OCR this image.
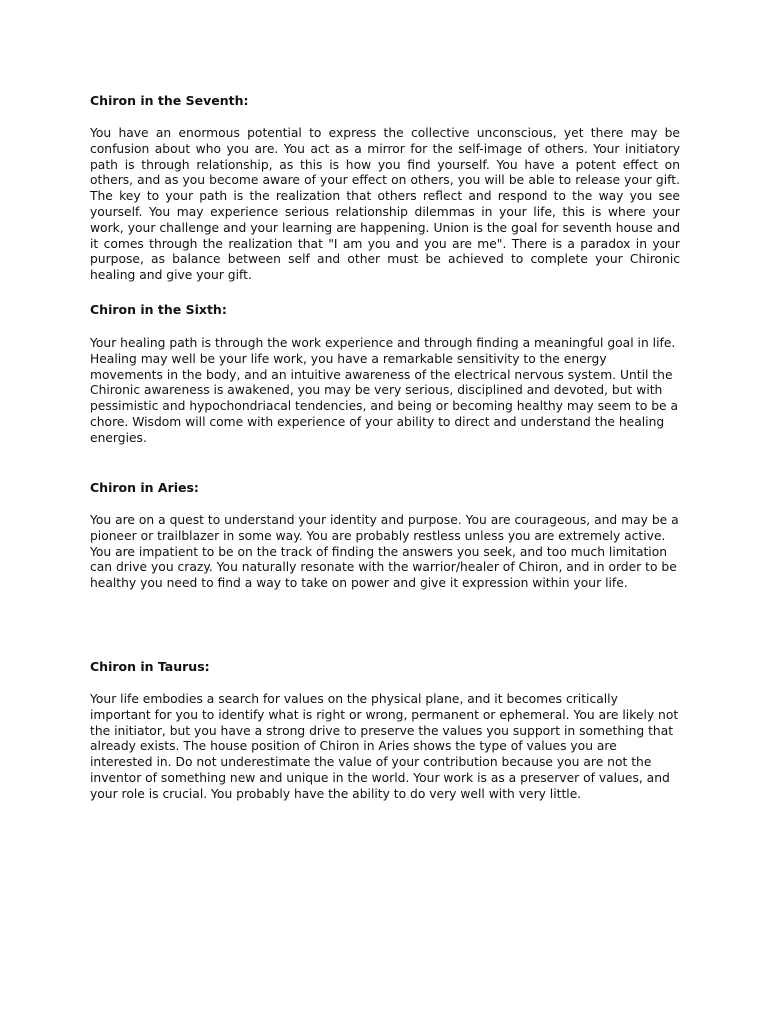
Chiron in the Seventh:

You have an enormous potential to express the collective unconscious, yet there may be confusion about who you are. You act as a mirror for the self-image of others. Your initiatory path is through relationship, as this is how you find yourself. You have a potent effect on others, and as you become aware of your effect on others, you will be able to release your gift. The key to your path is the realization that others reflect and respond to the way you see yourself. You may experience serious relationship dilemmas in your life, this is where your work, your challenge and your learning are happening. Union is the goal for seventh house and it comes through the realization that "I am you and you are me". There is a paradox in your purpose, as balance between self and other must be achieved to complete your Chironic healing and give your gift.

Chiron in the Sixth:

Your healing path is through the work experience and through finding a meaningful goal in life. Healing may well be your life work, you have a remarkable sensitivity to the energy movements in the body, and an intuitive awareness of the electrical nervous system. Until the Chironic awareness is awakened, you may be very serious, disciplined and devoted, but with pessimistic and hypochondriacal tendencies, and being or becoming healthy may seem to be a chore. Wisdom will come with experience of your ability to direct and understand the healing energies.

Chiron in Aries:

You are on a quest to understand your identity and purpose. You are courageous, and may be a pioneer or trailblazer in some way. You are probably restless unless you are extremely active. You are impatient to be on the track of finding the answers you seek, and too much limitation can drive you crazy. You naturally resonate with the warrior/healer of Chiron, and in order to be healthy you need to find a way to take on power and give it expression within your life.

Chiron in Taurus:

Your life embodies a search for values on the physical plane, and it becomes critically important for you to identify what is right or wrong, permanent or ephemeral. You are likely not the initiator, but you have a strong drive to preserve the values you support in something that already exists. The house position of Chiron in Aries shows the type of values you are interested in. Do not underestimate the value of your contribution because you are not the inventor of something new and unique in the world. Your work is as a preserver of values, and your role is crucial. You probably have the ability to do very well with very little.
